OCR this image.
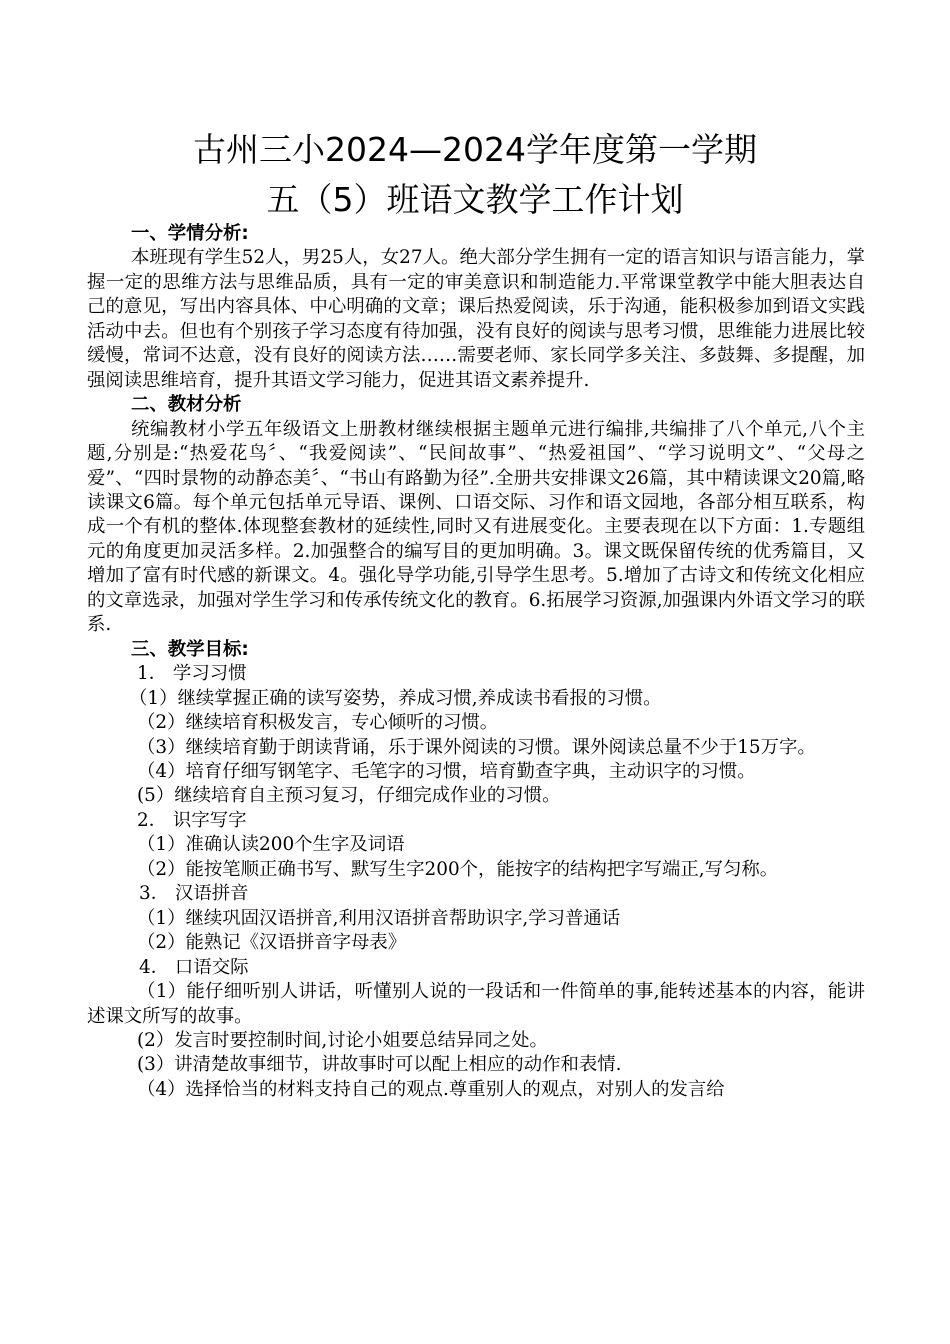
古州三小2024—2024学年度第一学期
五（5）班语文教学工作计划

一、学情分析:

本班现有学生52人，男25人，女27人。绝大部分学生拥有一定的语言知识与语言能力，掌握一定的思维方法与思维品质，具有一定的审美意识和制造能力.平常课堂教学中能大胆表达自己的意见，写出内容具体、中心明确的文章；课后热爱阅读，乐于沟通，能积极参加到语文实践活动中去。但也有个别孩子学习态度有待加强，没有良好的阅读与思考习惯，思维能力进展比较缓慢，常词不达意，没有良好的阅读方法……需要老师、家长同学多关注、多鼓舞、多提醒，加强阅读思维培育，提升其语文学习能力，促进其语文素养提升.

二、教材分析

统编教材小学五年级语文上册教材继续根据主题单元进行编排,共编排了八个单元,八个主题,分别是:“热爱花鸟〞、“我爱阅读”、“民间故事”、“热爱祖国”、“学习说明文”、“父母之爱”、“四时景物的动静态美〞、“书山有路勤为径”.全册共安排课文26篇，其中精读课文20篇,略读课文6篇。每个单元包括单元导语、课例、口语交际、习作和语文园地，各部分相互联系，构成一个有机的整体.体现整套教材的延续性,同时又有进展变化。主要表现在以下方面：1.专题组元的角度更加灵活多样。2.加强整合的编写目的更加明确。3。课文既保留传统的优秀篇目，又增加了富有时代感的新课文。4。强化导学功能,引导学生思考。5.增加了古诗文和传统文化相应的文章选录，加强对学生学习和传承传统文化的教育。6.拓展学习资源,加强课内外语文学习的联系.

三、教学目标:

1． 学习习惯

（1）继续掌握正确的读写姿势，养成习惯,养成读书看报的习惯。

（2）继续培育积极发言，专心倾听的习惯。

（3）继续培育勤于朗读背诵，乐于课外阅读的习惯。课外阅读总量不少于15万字。

（4）培育仔细写钢笔字、毛笔字的习惯，培育勤查字典，主动识字的习惯。

(5）继续培育自主预习复习，仔细完成作业的习惯。

2． 识字写字

（1）准确认读200个生字及词语

（2）能按笔顺正确书写、默写生字200个，能按字的结构把字写端正,写匀称。

3． 汉语拼音

（1）继续巩固汉语拼音,利用汉语拼音帮助识字,学习普通话

（2）能熟记《汉语拼音字母表》

4． 口语交际

（1）能仔细听别人讲话，听懂别人说的一段话和一件简单的事,能转述基本的内容，能讲述课文所写的故事。

(2）发言时要控制时间,讨论小姐要总结异同之处。

(3）讲清楚故事细节，讲故事时可以配上相应的动作和表情.

（4）选择恰当的材料支持自己的观点.尊重别人的观点，对别人的发言给
